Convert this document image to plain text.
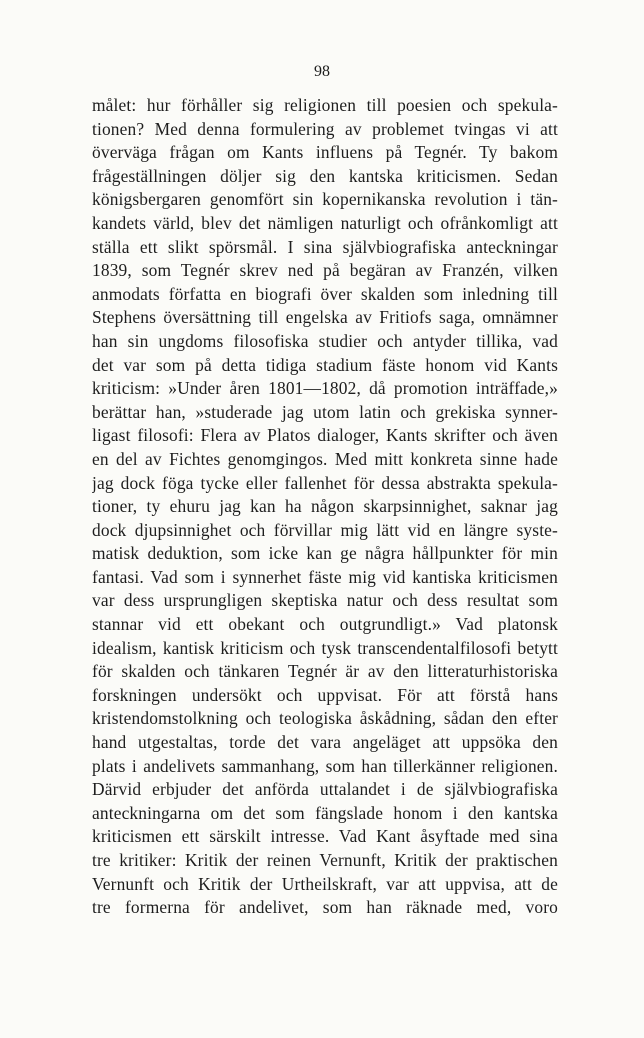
98
målet: hur förhåller sig religionen till poesien och spekula-
tionen? Med denna formulering av problemet tvingas vi att
överväga frågan om Kants influens på Tegnér. Ty bakom
frågeställningen döljer sig den kantska kriticismen. Sedan
königsbergaren genomfört sin kopernikanska revolution i tän-
kandets värld, blev det nämligen naturligt och ofrånkomligt att
ställa ett slikt spörsmål. I sina självbiografiska anteckningar
1839, som Tegnér skrev ned på begäran av Franzén, vilken
anmodats författa en biografi över skalden som inledning till
Stephens översättning till engelska av Fritiofs saga, omnämner
han sin ungdoms filosofiska studier och antyder tillika, vad
det var som på detta tidiga stadium fäste honom vid Kants
kriticism: »Under åren 1801—1802, då promotion inträffade,»
berättar han, »studerade jag utom latin och grekiska synner-
ligast filosofi: Flera av Platos dialoger, Kants skrifter och även
en del av Fichtes genomgingos. Med mitt konkreta sinne hade
jag dock föga tycke eller fallenhet för dessa abstrakta spekula-
tioner, ty ehuru jag kan ha någon skarpsinnighet, saknar jag
dock djupsinnighet och förvillar mig lätt vid en längre syste-
matisk deduktion, som icke kan ge några hållpunkter för min
fantasi. Vad som i synnerhet fäste mig vid kantiska kriticismen
var dess ursprungligen skeptiska natur och dess resultat som
stannar vid ett obekant och outgrundligt.» Vad platonsk
idealism, kantisk kriticism och tysk transcendentalfilosofi betytt
för skalden och tänkaren Tegnér är av den litteraturhistoriska
forskningen undersökt och uppvisat. För att förstå hans
kristendomstolkning och teologiska åskådning, sådan den efter
hand utgestaltas, torde det vara angeläget att uppsöka den
plats i andelivets sammanhang, som han tillerkänner religionen.
Därvid erbjuder det anförda uttalandet i de självbiografiska
anteckningarna om det som fängslade honom i den kantska
kriticismen ett särskilt intresse. Vad Kant åsyftade med sina
tre kritiker: Kritik der reinen Vernunft, Kritik der praktischen
Vernunft och Kritik der Urtheilskraft, var att uppvisa, att de
tre formerna för andelivet, som han räknade med, voro
